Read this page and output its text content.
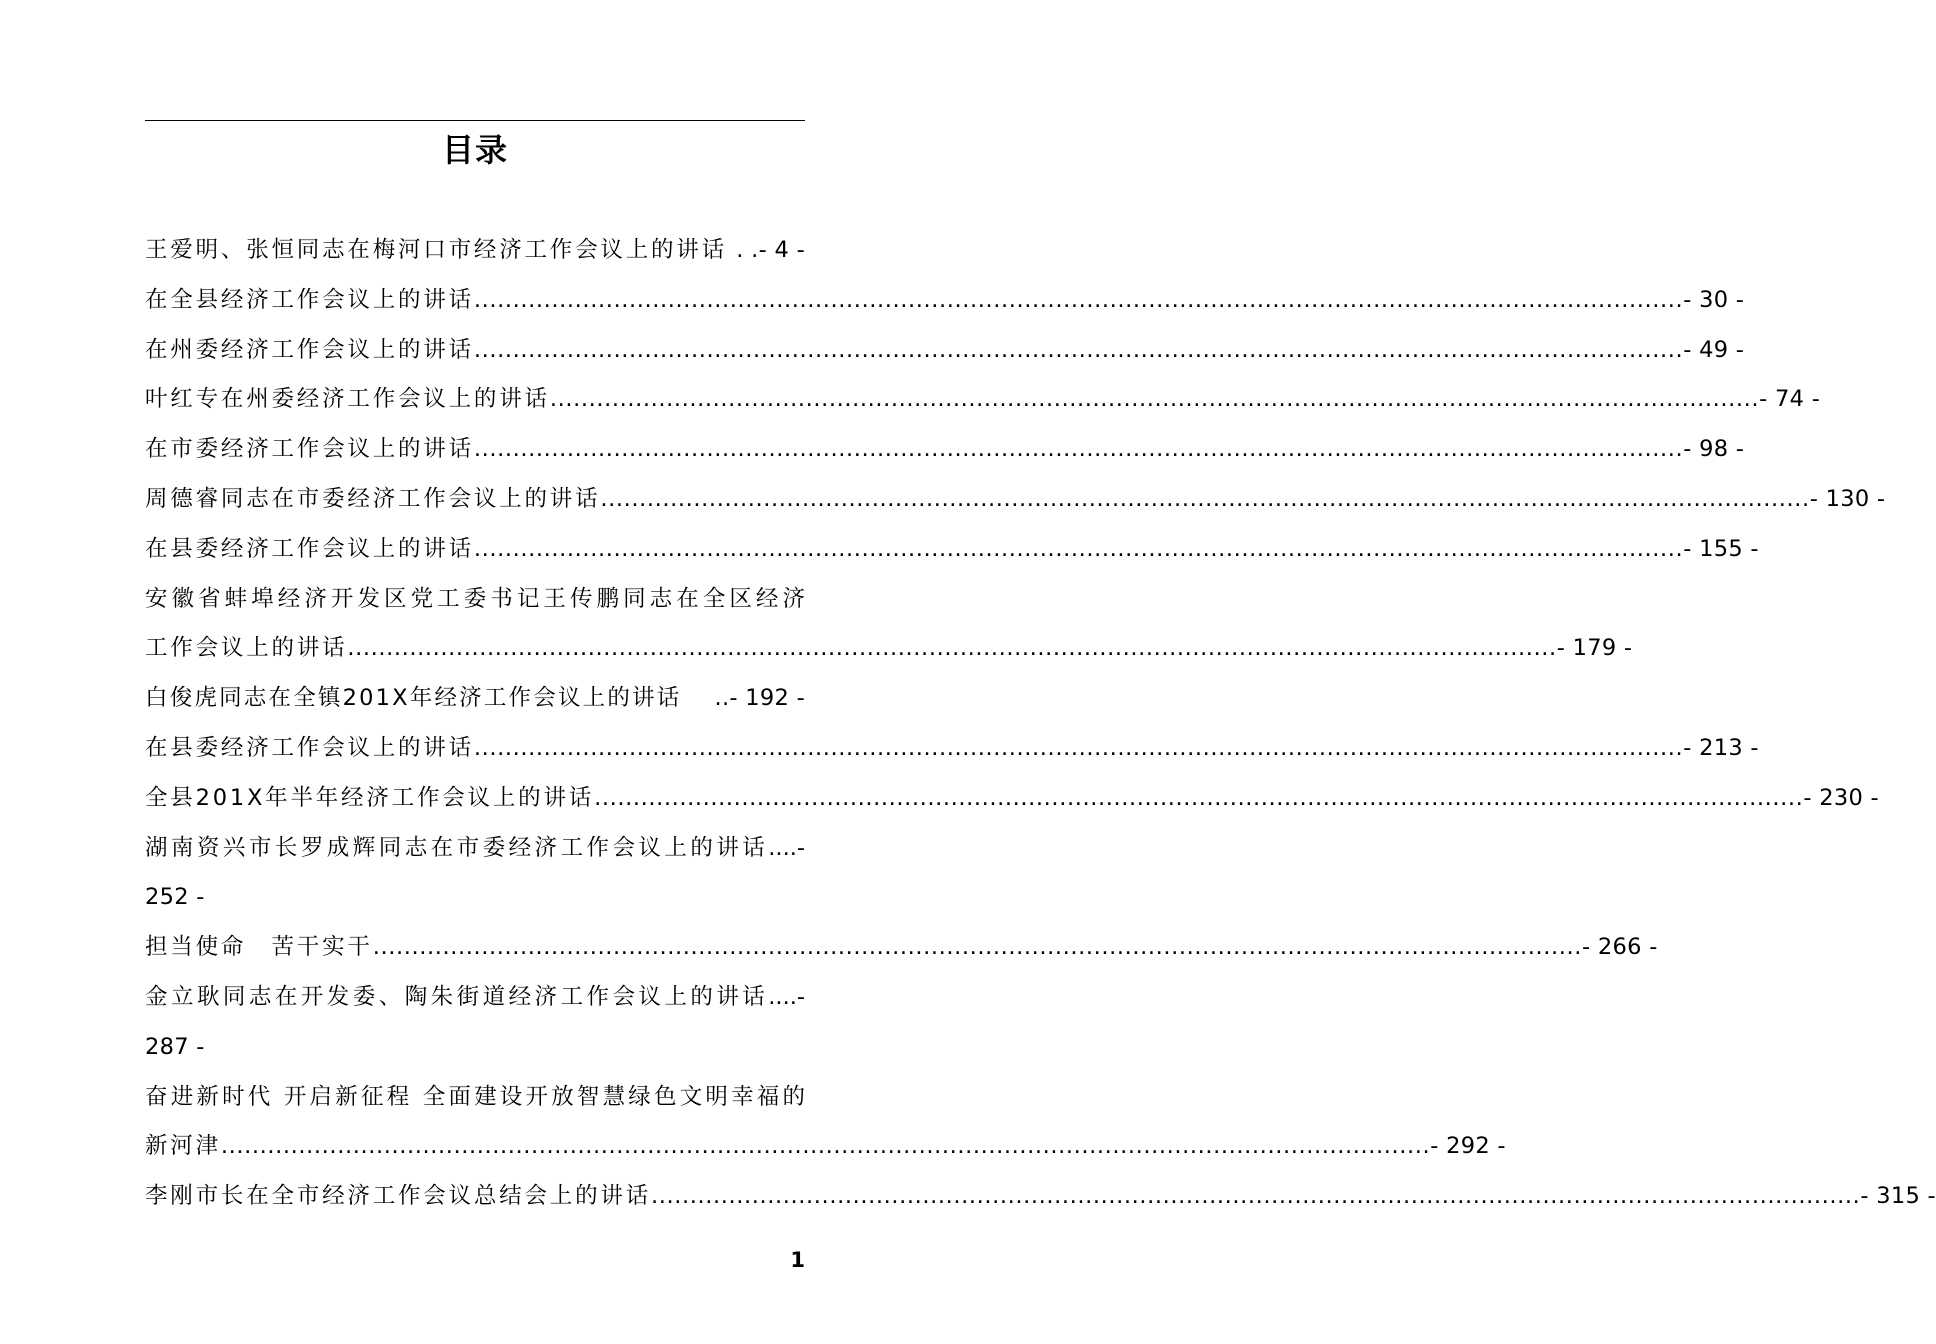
目录
王爱明、张恒同志在梅河口市经济工作会议上的讲话 . .- 4 -
在全县经济工作会议上的讲话 .....	- 30 -
在州委经济工作会议上的讲话 .....	- 49 -
叶红专在州委经济工作会议上的讲话 .....	- 74 -
在市委经济工作会议上的讲话 .....	- 98 -
周德睿同志在市委经济工作会议上的讲话 .....	- 130 -
在县委经济工作会议上的讲话 .....	- 155 -
安徽省蚌埠经济开发区党工委书记王传鹏同志在全区经济
工作会议上的讲话 .....	- 179 -
白俊虎同志在全镇201X年经济工作会议上的讲话 ..- 192 -
在县委经济工作会议上的讲话 .....	- 213 -
全县201X年半年经济工作会议上的讲话 .....	- 230 -
湖南资兴市长罗成辉同志在市委经济工作会议上的讲话....-
252 -
担当使命　苦干实干 .....	- 266 -
金立耿同志在开发委、陶朱街道经济工作会议上的讲话....-
287 -
奋进新时代 开启新征程 全面建设开放智慧绿色文明幸福的
新河津 .....	- 292 -
李刚市长在全市经济工作会议总结会上的讲话 .....	- 315 -
1
